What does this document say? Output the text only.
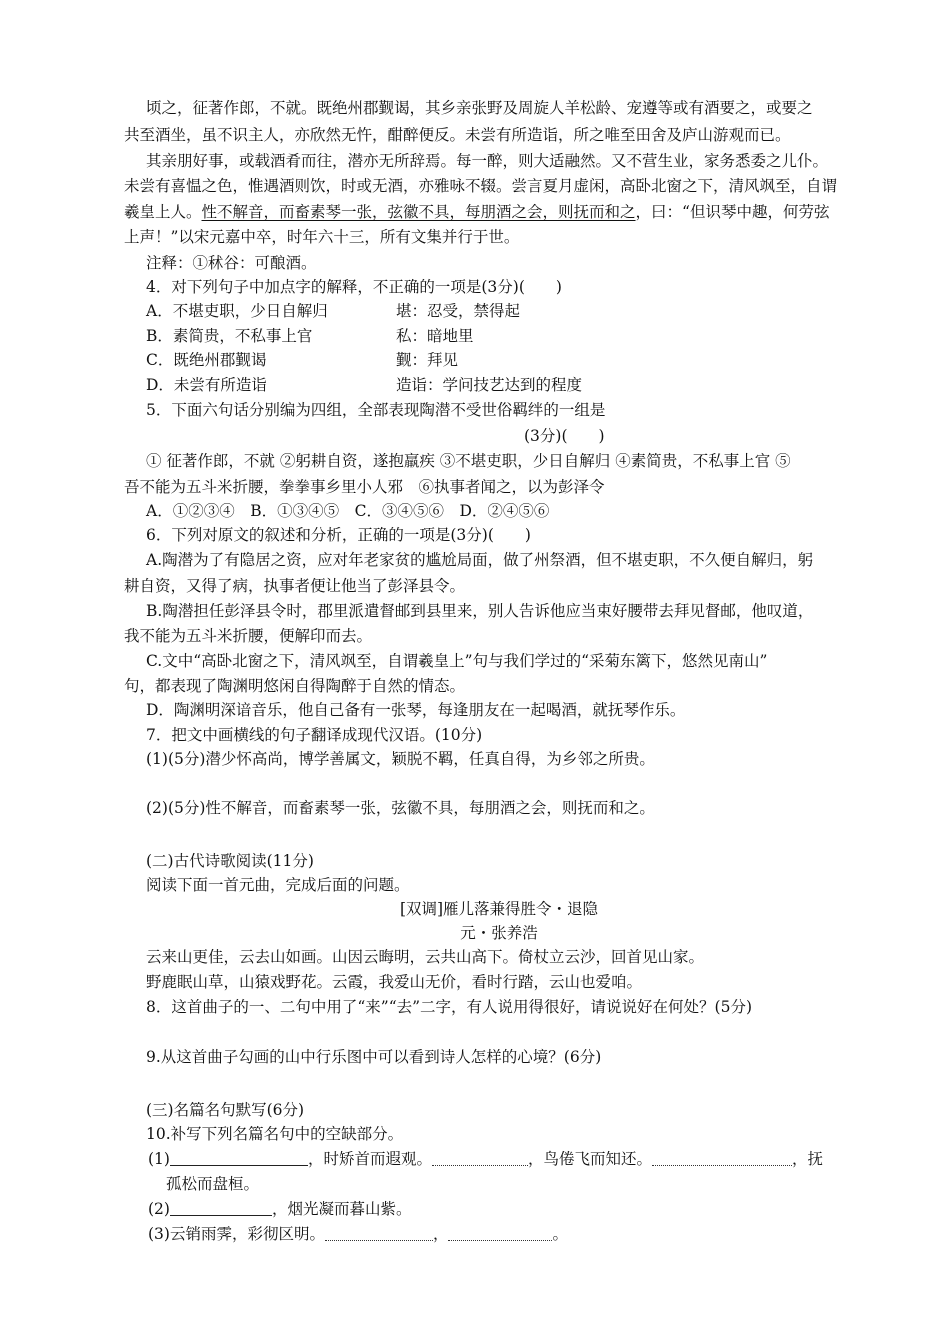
顷之，征著作郎，不就。既绝州郡觐谒，其乡亲张野及周旋人羊松龄、宠遵等或有酒要之，或要之
共至酒坐，虽不识主人，亦欣然无忤，酣醉便反。未尝有所造诣，所之唯至田舍及庐山游观而已。
其亲朋好事，或载酒肴而往，潜亦无所辞焉。每一醉，则大适融然。又不营生业，家务悉委之儿仆。
未尝有喜愠之色，惟遇酒则饮，时或无酒，亦雅咏不辍。尝言夏月虚闲，高卧北窗之下，清风飒至，自谓
羲皇上人。性不解音，而畜素琴一张，弦徽不具，每朋酒之会，则抚而和之，曰：“但识琴中趣，何劳弦
上声！”以宋元嘉中卒，时年六十三，所有文集并行于世。
注释：①秫谷：可酿酒。
4．对下列句子中加点字的解释，不正确的一项是(3分)(　　)
A．不堪吏职，少日自解归	堪：忍受，禁得起
B．素简贵，不私事上官	私：暗地里
C．既绝州郡觐谒	觐：拜见
D．未尝有所造诣	造诣：学问技艺达到的程度
5．下面六句话分别编为四组，全部表现陶潜不受世俗羁绊的一组是
(3分)(　　)
① 征著作郎，不就 ②躬耕自资，遂抱羸疾 ③不堪吏职，少日自解归 ④素简贵，不私事上官 ⑤
吾不能为五斗米折腰，拳拳事乡里小人邪　⑥执事者闻之，以为彭泽令
A．①②③④　B．①③④⑤　C．③④⑤⑥　D．②④⑤⑥
6．下列对原文的叙述和分析，正确的一项是(3分)(　　)
A.陶潜为了有隐居之资，应对年老家贫的尴尬局面，做了州祭酒，但不堪吏职，不久便自解归，躬
耕自资，又得了病，执事者便让他当了彭泽县令。
B.陶潜担任彭泽县令时，郡里派遣督邮到县里来，别人告诉他应当束好腰带去拜见督邮，他叹道，
我不能为五斗米折腰，便解印而去。
C.文中“高卧北窗之下，清风飒至，自谓羲皇上”句与我们学过的“采菊东篱下，悠然见南山”
句，都表现了陶渊明悠闲自得陶醉于自然的情态。
D．陶渊明深谙音乐，他自己备有一张琴，每逢朋友在一起喝酒，就抚琴作乐。
7．把文中画横线的句子翻译成现代汉语。(10分)
(1)(5分)潜少怀高尚，博学善属文，颖脱不羁，任真自得，为乡邻之所贵。
(2)(5分)性不解音，而畜素琴一张，弦徽不具，每朋酒之会，则抚而和之。
(二)古代诗歌阅读(11分)
阅读下面一首元曲，完成后面的问题。
[双调]雁儿落兼得胜令・退隐
元・张养浩
云来山更佳，云去山如画。山因云晦明，云共山高下。倚杖立云沙，回首见山家。
野鹿眠山草，山猿戏野花。云霞，我爱山无价，看时行踏，云山也爱咱。
8．这首曲子的一、二句中用了“来”“去”二字，有人说用得很好，请说说好在何处？(5分)
9.从这首曲子勾画的山中行乐图中可以看到诗人怎样的心境？(6分)
(三)名篇名句默写(6分)
10.补写下列名篇名句中的空缺部分。
(1)	，时矫首而遐观。	，鸟倦飞而知还。	，抚
孤松而盘桓。
(2)	，烟光凝而暮山紫。
(3)云销雨霁，彩彻区明。	，	。
